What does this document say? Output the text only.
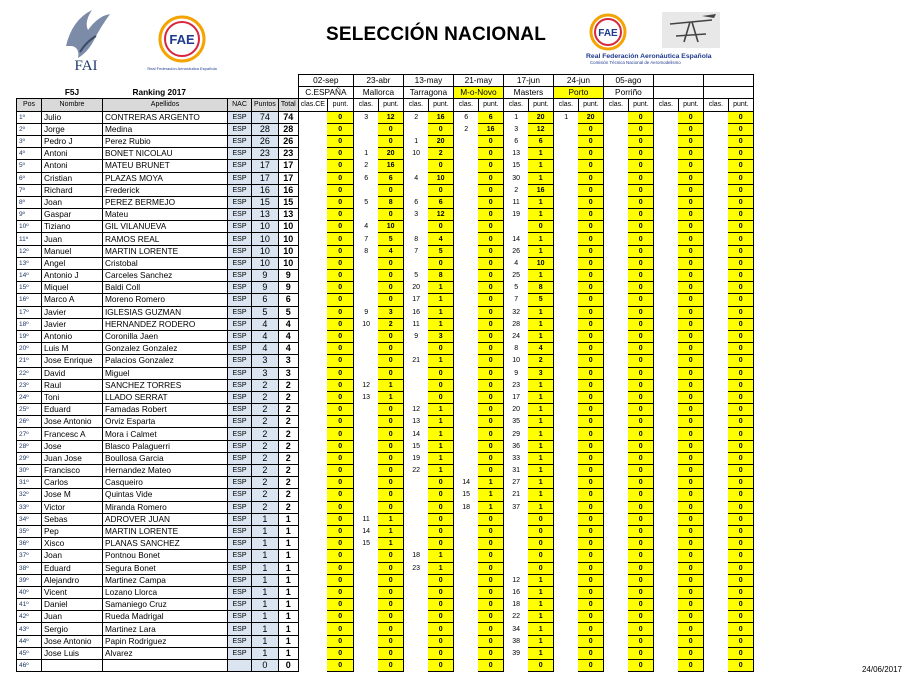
FAI
FAE
Real Federación Aeronáutica Española
FAE
Real Federación Aeronáutica Española
Comisión Técnica Nacional de Aeromodelismo
SELECCIÓN NACIONAL
						02-sep		23-abr		13-may		21-may		17-jun		24-jun		05-ago					
	F5J	Ranking 2017				C.ESPAÑA		Mallorca		Tarragona		M-o-Novo		Masters		Porto		Porriño					
Pos	Nombre	Apellidos	NAC	Puntos	Total	clas.CE	punt.	clas.	punt.	clas.	punt.	clas.	punt.	clas.	punt.	clas.	punt.	clas.	punt.	clas.	punt.	clas.	punt.
1º	Julio	CONTRERAS ARGENTO	ESP	74	74		0	3	12	2	16	6	6	1	20	1	20		0		0		0
2º	Jorge	Medina	ESP	28	28		0		0		0	2	16	3	12		0		0		0		0
3º	Pedro J	Perez Rubio	ESP	26	26		0		0	1	20		0	6	6		0		0		0		0
4º	Antoni	BONET NICOLAU	ESP	23	23		0	1	20	10	2		0	13	1		0		0		0		0
5º	Antoni	MATEU BRUNET	ESP	17	17		0	2	16		0		0	15	1		0		0		0		0
6º	Cristian	PLAZAS MOYA	ESP	17	17		0	6	6	4	10		0	30	1		0		0		0		0
7º	Richard	Frederick	ESP	16	16		0		0		0		0	2	16		0		0		0		0
8º	Joan	PEREZ BERMEJO	ESP	15	15		0	5	8	6	6		0	11	1		0		0		0		0
9º	Gaspar	Mateu	ESP	13	13		0		0	3	12		0	19	1		0		0		0		0
10º	Tiziano	GIL VILANUEVA	ESP	10	10		0	4	10		0		0		0		0		0		0		0
11º	Juan	RAMOS REAL	ESP	10	10		0	7	5	8	4		0	14	1		0		0		0		0
12º	Manuel	MARTIN LORENTE	ESP	10	10		0	8	4	7	5		0	26	1		0		0		0		0
13º	Angel	Cristobal	ESP	10	10		0		0		0		0	4	10		0		0		0		0
14º	Antonio J	Carceles Sanchez	ESP	9	9		0		0	5	8		0	25	1		0		0		0		0
15º	Miquel	Baldi Coll	ESP	9	9		0		0	20	1		0	5	8		0		0		0		0
16º	Marco A	Moreno Romero	ESP	6	6		0		0	17	1		0	7	5		0		0		0		0
17º	Javier	IGLESIAS GUZMAN	ESP	5	5		0	9	3	16	1		0	32	1		0		0		0		0
18º	Javier	HERNANDEZ RODERO	ESP	4	4		0	10	2	11	1		0	28	1		0		0		0		0
19º	Antonio	Coronilla Jaen	ESP	4	4		0		0	9	3		0	24	1		0		0		0		0
20º	Luis M	Gonzalez Gonzalez	ESP	4	4		0		0		0		0	8	4		0		0		0		0
21º	Jose Enrique	Palacios Gonzalez	ESP	3	3		0		0	21	1		0	10	2		0		0		0		0
22º	David	Miguel	ESP	3	3		0		0		0		0	9	3		0		0		0		0
23º	Raul	SANCHEZ TORRES	ESP	2	2		0	12	1		0		0	23	1		0		0		0		0
24º	Toni	LLADO SERRAT	ESP	2	2		0	13	1		0		0	17	1		0		0		0		0
25º	Eduard	Famadas Robert	ESP	2	2		0		0	12	1		0	20	1		0		0		0		0
26º	Jose Antonio	Orviz Esparta	ESP	2	2		0		0	13	1		0	35	1		0		0		0		0
27º	Francesc A	Mora i Calmet	ESP	2	2		0		0	14	1		0	29	1		0		0		0		0
28º	Jose	Blasco Palaguerri	ESP	2	2		0		0	15	1		0	36	1		0		0		0		0
29º	Juan Jose	Boullosa Garcia	ESP	2	2		0		0	19	1		0	33	1		0		0		0		0
30º	Francisco	Hernandez Mateo	ESP	2	2		0		0	22	1		0	31	1		0		0		0		0
31º	Carlos	Casqueiro	ESP	2	2		0		0		0	14	1	27	1		0		0		0		0
32º	Jose M	Quintas Vide	ESP	2	2		0		0		0	15	1	21	1		0		0		0		0
33º	Victor	Miranda Romero	ESP	2	2		0		0		0	18	1	37	1		0		0		0		0
34º	Sebas	ADROVER JUAN	ESP	1	1		0	11	1		0		0		0		0		0		0		0
35º	Pep	MARTIN LORENTE	ESP	1	1		0	14	1		0		0		0		0		0		0		0
36º	Xisco	PLANAS SANCHEZ	ESP	1	1		0	15	1		0		0		0		0		0		0		0
37º	Joan	Pontnou Bonet	ESP	1	1		0		0	18	1		0		0		0		0		0		0
38º	Eduard	Segura Bonet	ESP	1	1		0		0	23	1		0		0		0		0		0		0
39º	Alejandro	Martinez Campa	ESP	1	1		0		0		0		0	12	1		0		0		0		0
40º	Vicent	Lozano Llorca	ESP	1	1		0		0		0		0	16	1		0		0		0		0
41º	Daniel	Samaniego Cruz	ESP	1	1		0		0		0		0	18	1		0		0		0		0
42º	Juan	Rueda Madrigal	ESP	1	1		0		0		0		0	22	1		0		0		0		0
43º	Sergio	Martinez Lara	ESP	1	1		0		0		0		0	34	1		0		0		0		0
44º	Jose Antonio	Papin Rodriguez	ESP	1	1		0		0		0		0	38	1		0		0		0		0
45º	Jose Luis	Alvarez	ESP	1	1		0		0		0		0	39	1		0		0		0		0
46º				0	0		0		0		0		0		0		0		0		0		0	24/06/2017
